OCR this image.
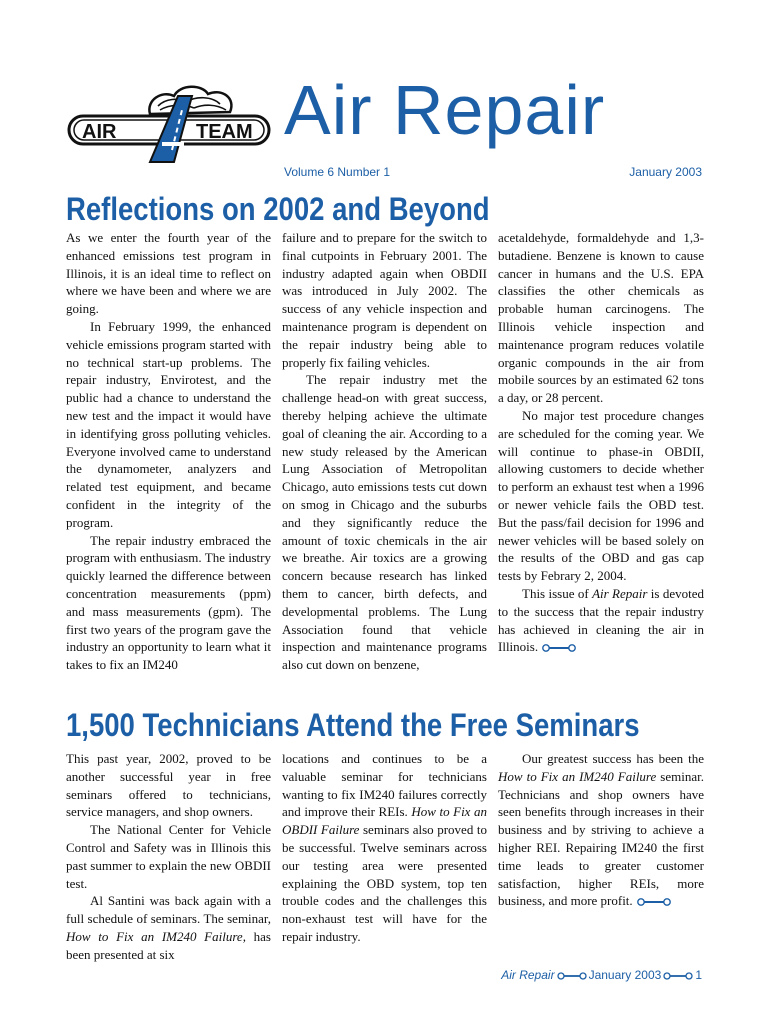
AIR	TEAM Air Repair
Volume 6 Number 1	January 2003
Reflections on 2002 and Beyond

As we enter the fourth year of the enhanced emissions test program in Illinois, it is an ideal time to reflect on where we have been and where we are going.

In February 1999, the enhanced vehicle emissions program started with no technical start-up problems. The repair industry, Envirotest, and the public had a chance to understand the new test and the impact it would have in identifying gross polluting vehicles. Everyone involved came to understand the dynamometer, analyzers and related test equipment, and became confident in the integrity of the program.

The repair industry embraced the program with enthusiasm. The industry quickly learned the difference between concentration measurements (ppm) and mass measurements (gpm). The first two years of the program gave the industry an opportunity to learn what it takes to fix an IM240

failure and to prepare for the switch to final cutpoints in February 2001. The industry adapted again when OBDII was introduced in July 2002. The success of any vehicle inspection and maintenance program is dependent on the repair industry being able to properly fix failing vehicles.

The repair industry met the challenge head-on with great success, thereby helping achieve the ultimate goal of cleaning the air. According to a new study released by the American Lung Association of Metropolitan Chicago, auto emissions tests cut down on smog in Chicago and the suburbs and they significantly reduce the amount of toxic chemicals in the air we breathe. Air toxics are a growing concern because research has linked them to cancer, birth defects, and developmental problems. The Lung Association found that vehicle inspection and maintenance programs also cut down on benzene,

acetaldehyde, formaldehyde and 1,3-butadiene. Benzene is known to cause cancer in humans and the U.S. EPA classifies the other chemicals as probable human carcinogens. The Illinois vehicle inspection and maintenance program reduces volatile organic compounds in the air from mobile sources by an estimated 62 tons a day, or 28 percent.

No major test procedure changes are scheduled for the coming year. We will continue to phase-in OBDII, allowing customers to decide whether to perform an exhaust test when a 1996 or newer vehicle fails the OBD test. But the pass/fail decision for 1996 and newer vehicles will be based solely on the results of the OBD and gas cap tests by Febrary 2, 2004.

This issue of Air Repair is devoted to the success that the repair industry has achieved in cleaning the air in Illinois.

1,500 Technicians Attend the Free Seminars

This past year, 2002, proved to be another successful year in free seminars offered to technicians, service managers, and shop owners.

The National Center for Vehicle Control and Safety was in Illinois this past summer to explain the new OBDII test.

Al Santini was back again with a full schedule of seminars. The seminar, How to Fix an IM240 Failure, has been presented at six

locations and continues to be a valuable seminar for technicians wanting to fix IM240 failures correctly and improve their REIs. How to Fix an OBDII Failure seminars also proved to be successful. Twelve seminars across our testing area were presented explaining the OBD system, top ten trouble codes and the challenges this non-exhaust test will have for the repair industry.

Our greatest success has been the How to Fix an IM240 Failure seminar. Technicians and shop owners have seen benefits through increases in their business and by striving to achieve a higher REI. Repairing IM240 the first time leads to greater customer satisfaction, higher REIs, more business, and more profit.

Air Repair	January 2003	1
